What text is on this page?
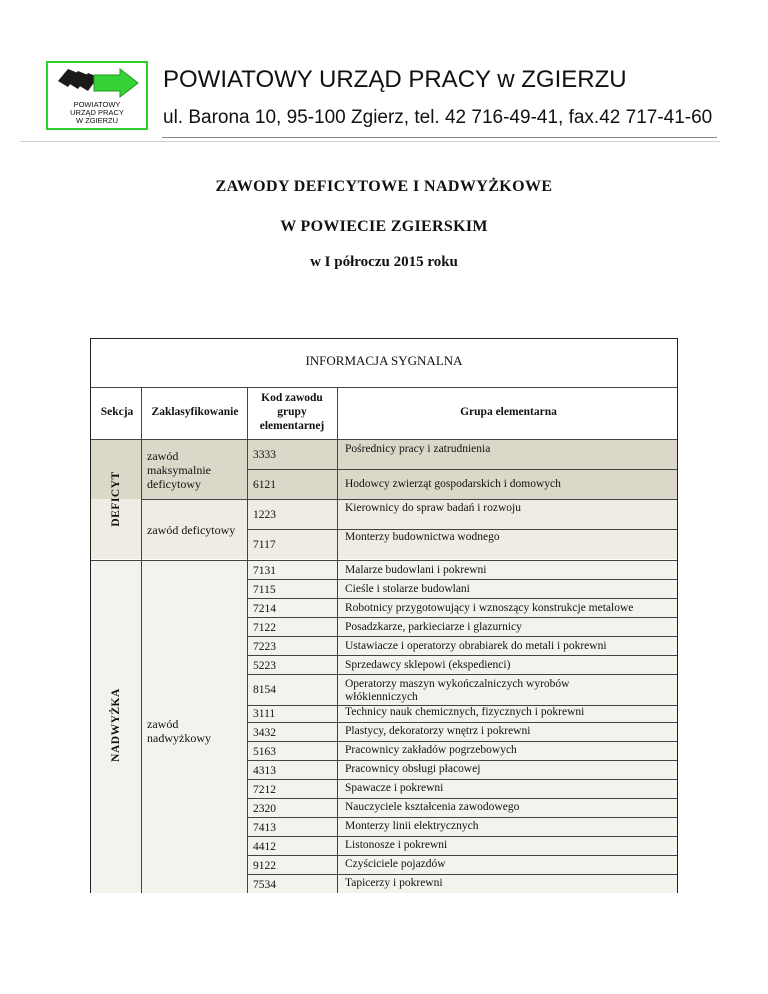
POWIATOWY
URZĄD PRACY
W ZGIERZU
POWIATOWY URZĄD PRACY w ZGIERZU
ul. Barona 10, 95-100 Zgierz, tel. 42 716-49-41, fax.42 717-41-60
ZAWODY DEFICYTOWE I NADWYŻKOWE
W POWIECIE ZGIERSKIM
w I półroczu 2015 roku
INFORMACJA SYGNALNA
Sekcja	Zaklasyfikowanie
Kod zawodu
grupy
elementarnej
Grupa elementarna
DEFICYT
NADWYŻKA
zawód
maksymalnie
deficytowy
zawód deficytowy
zawód
nadwyżkowy
3333
6121
1223
7117
7131
7115
7214
7122
7223
5223
8154
3111
3432
5163
4313
7212
2320
7413
4412
9122
7534
Pośrednicy pracy i zatrudnienia
Hodowcy zwierząt gospodarskich i domowych
Kierownicy do spraw badań i rozwoju
Monterzy budownictwa wodnego
Malarze budowlani i pokrewni
Cieśle i stolarze budowlani
Robotnicy przygotowujący i wznoszący konstrukcje metalowe
Posadzkarze, parkieciarze i glazurnicy
Ustawiacze i operatorzy obrabiarek do metali i pokrewni
Sprzedawcy sklepowi (ekspedienci)
Operatorzy maszyn wykończalniczych wyrobów włókienniczych
Technicy nauk chemicznych, fizycznych i pokrewni
Plastycy, dekoratorzy wnętrz i pokrewni
Pracownicy zakładów pogrzebowych
Pracownicy obsługi płacowej
Spawacze i pokrewni
Nauczyciele kształcenia zawodowego
Monterzy linii elektrycznych
Listonosze i pokrewni
Czyściciele pojazdów
Tapicerzy i pokrewni
